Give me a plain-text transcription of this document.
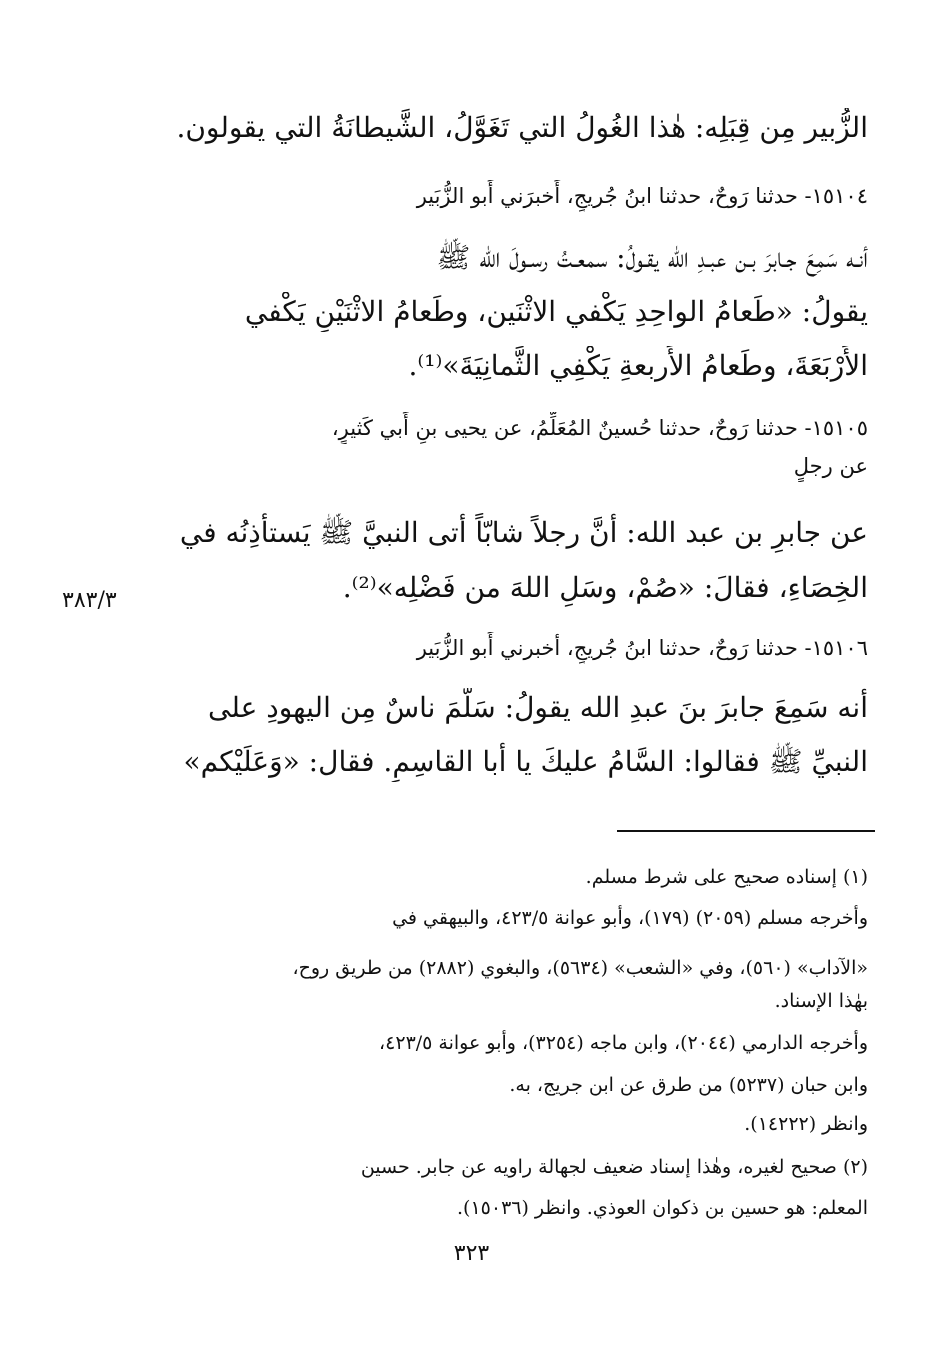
الزُّبير مِن قِبَلِه: هٰذا الغُولُ التي تَغَوَّلُ، الشَّيطانَةُ التي يقولون.
١٥١٠٤- حدثنا رَوحٌ، حدثنا ابنُ جُريجٍ، أَخبرَني أَبو الزُّبَير
أنـه سَمِعَ جـابرَ بـن عبـدِ الله يقـولُ: سمعـتُ رسـولَ الله ﷺ
يقولُ: «طَعامُ الواحِدِ يَكْفي الاثْنَين، وطَعامُ الاثْنَيْنِ يَكْفي
الأَرْبَعَةَ، وطَعامُ الأَربعةِ يَكْفِي الثَّمانِيَةَ»⁽¹⁾.
١٥١٠٥- حدثنا رَوحٌ، حدثنا حُسينٌ المُعَلِّمُ، عن يحيى بنِ أَبي كَثيرٍ،
عن رجلٍ
عن جابرِ بن عبد الله: أَنَّ رجلاً شابّاً أَتى النبيَّ ﷺ يَستأْذِنُه في
الخِصَاءِ، فقالَ: «صُمْ، وسَلِ اللهَ من فَضْلِه»⁽²⁾.
١٥١٠٦- حدثنا رَوحٌ، حدثنا ابنُ جُريجٍ، أخبرني أَبو الزُّبَير
أنه سَمِعَ جابرَ بنَ عبدِ الله يقولُ: سَلَّمَ ناسٌ مِن اليهودِ على
النبيِّ ﷺ فقالوا: السَّامُ عليكَ يا أَبا القاسِمِ. فقال: «وَعَلَيْكم»
٣٨٣/٣
(١) إسناده صحيح على شرط مسلم.
وأخرجه مسلم (٢٠٥٩) (١٧٩)، وأبو عوانة ٤٢٣/٥، والبيهقي في
«الآداب» (٥٦٠)، وفي «الشعب» (٥٦٣٤)، والبغوي (٢٨٨٢) من طريق روح،
بهٰذا الإسناد.
وأخرجه الدارمي (٢٠٤٤)، وابن ماجه (٣٢٥٤)، وأبو عوانة ٤٢٣/٥،
وابن حبان (٥٢٣٧) من طرق عن ابن جريج، به.
وانظر (١٤٢٢٢).
(٢) صحيح لغيره، وهٰذا إسناد ضعيف لجهالة راويه عن جابر. حسين
المعلم: هو حسين بن ذكوان العوذي. وانظر (١٥٠٣٦).
٣٢٣
